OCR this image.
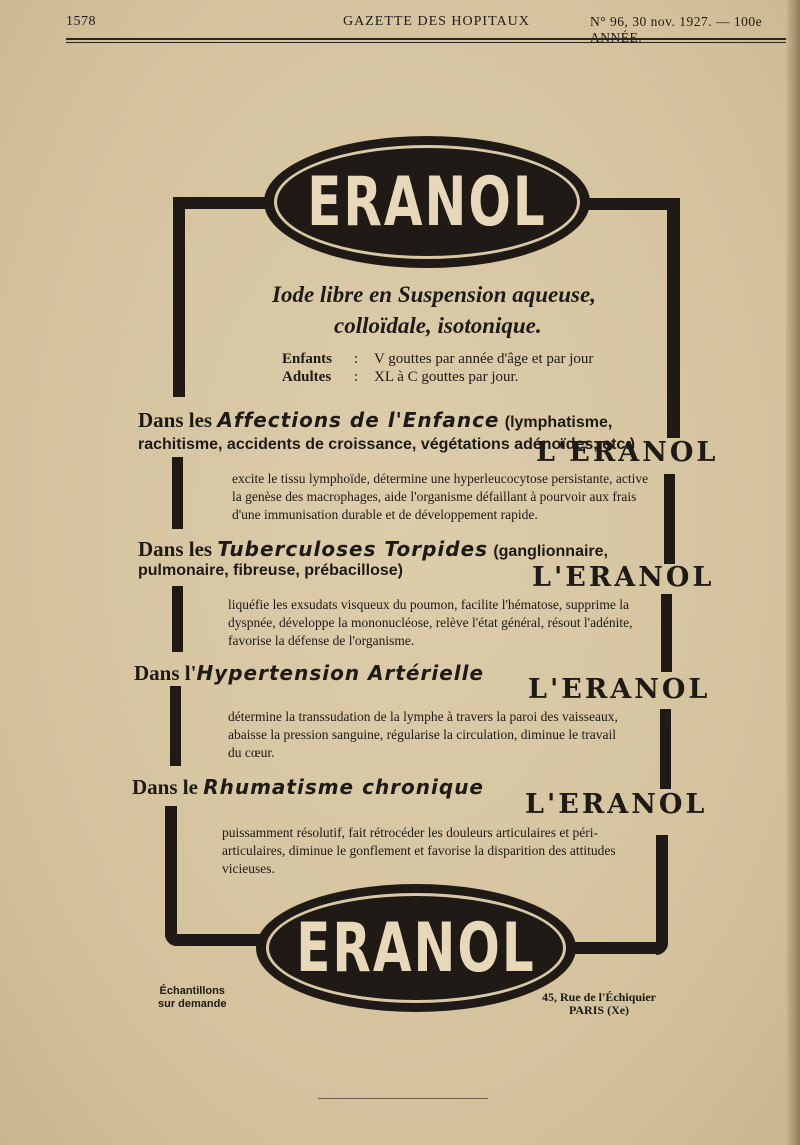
1578	GAZETTE DES HOPITAUX	N° 96, 30 nov. 1927. — 100e
ERANOL

Iode libre en Suspension aqueuse,

colloïdale, isotonique.

Enfants : V gouttes par année d'âge et par jour
Adultes : XL à C gouttes par jour.
Dans les Affections de l'Enfance (lymphatisme,
rachitisme, accidents de croissance, végétations adénoïdes, etc.)
L'ERANOL

excite le tissu lymphoïde, détermine une hyperleucocytose persistante, active la genèse des macrophages, aide l'organisme défaillant à pourvoir aux frais d'une immunisation durable et de développement rapide.

Dans les Tuberculoses Torpides (ganglionnaire,
pulmonaire, fibreuse, prébacillose)	L'ERANOL

liquéfie les exsudats visqueux du poumon, facilite l'hématose, supprime la dyspnée, développe la mononucléose, relève l'état général, résout l'adénite, favorise la défense de l'organisme.

Dans l'Hypertension Artérielle
L'ERANOL

détermine la transsudation de la lymphe à travers la paroi des vaisseaux, abaisse la pression sanguine, régularise la circulation, diminue le travail du cœur.

Dans le Rhumatisme chronique
L'ERANOL

puissamment résolutif, fait rétrocéder les douleurs articulaires et péri-articulaires, diminue le gonflement et favorise la disparition des attitudes vicieuses.

ERANOL
Échantillons
sur demande	45, Rue de l'Échiquier
PARIS (Xe)
